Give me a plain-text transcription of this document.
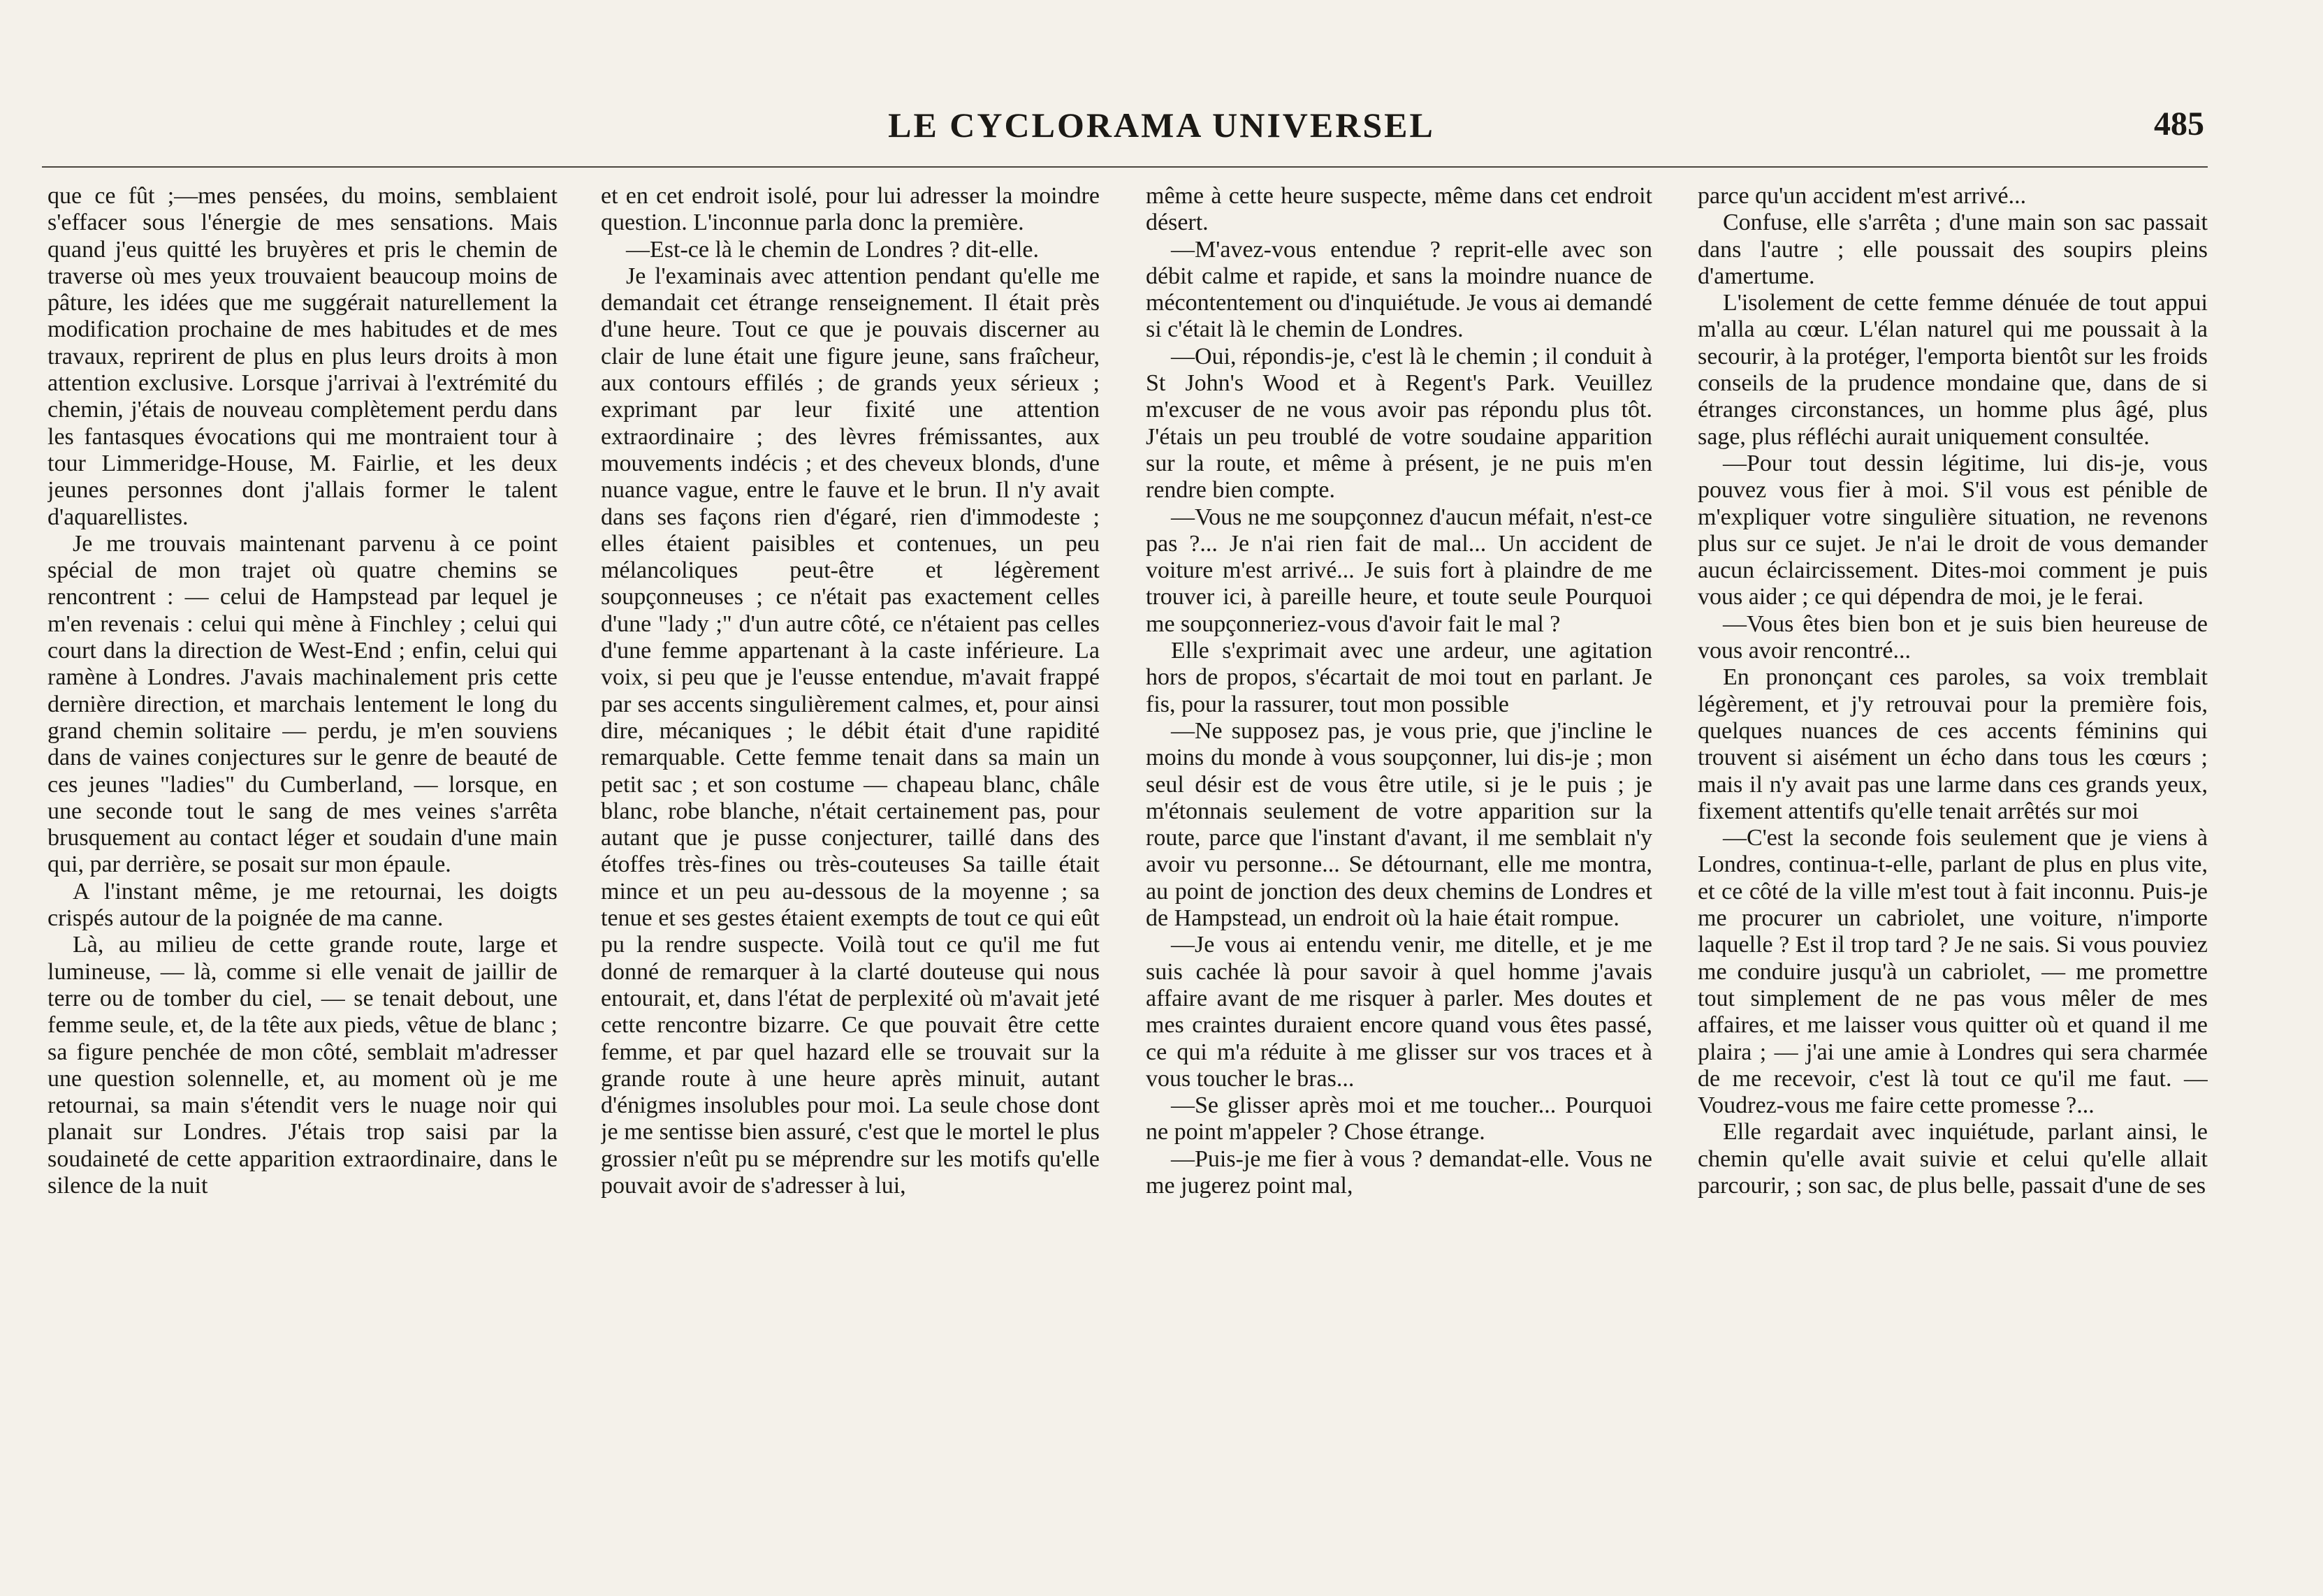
LE CYCLORAMA UNIVERSEL	485

que ce fût ;—mes pensées, du moins, semblaient s'effacer sous l'énergie de mes sensations. Mais quand j'eus quitté les bruyères et pris le chemin de traverse où mes yeux trouvaient beaucoup moins de pâture, les idées que me suggérait naturellement la modification prochaine de mes habitudes et de mes travaux, reprirent de plus en plus leurs droits à mon attention exclusive. Lorsque j'arrivai à l'extrémité du chemin, j'étais de nouveau complètement perdu dans les fantasques évocations qui me montraient tour à tour Limmeridge-House, M. Fairlie, et les deux jeunes personnes dont j'allais former le talent d'aquarellistes.

Je me trouvais maintenant parvenu à ce point spécial de mon trajet où quatre chemins se rencontrent : — celui de Hampstead par lequel je m'en revenais : celui qui mène à Finchley ; celui qui court dans la direction de West-End ; enfin, celui qui ramène à Londres. J'avais machinalement pris cette dernière direction, et marchais lentement le long du grand chemin solitaire — perdu, je m'en souviens dans de vaines conjectures sur le genre de beauté de ces jeunes "ladies" du Cumberland, — lorsque, en une seconde tout le sang de mes veines s'arrêta brusquement au contact léger et soudain d'une main qui, par derrière, se posait sur mon épaule.

A l'instant même, je me retournai, les doigts crispés autour de la poignée de ma canne.

Là, au milieu de cette grande route, large et lumineuse, — là, comme si elle venait de jaillir de terre ou de tomber du ciel, — se tenait debout, une femme seule, et, de la tête aux pieds, vêtue de blanc ; sa figure penchée de mon côté, semblait m'adresser une question solennelle, et, au moment où je me retournai, sa main s'étendit vers le nuage noir qui planait sur Londres. J'étais trop saisi par la soudaineté de cette apparition extraordinaire, dans le silence de la nuit

et en cet endroit isolé, pour lui adresser la moindre question. L'inconnue parla donc la première.

—Est-ce là le chemin de Londres ? dit-elle.

Je l'examinais avec attention pendant qu'elle me demandait cet étrange renseignement. Il était près d'une heure. Tout ce que je pouvais discerner au clair de lune était une figure jeune, sans fraîcheur, aux contours effilés ; de grands yeux sérieux ; exprimant par leur fixité une attention extraordinaire ; des lèvres frémissantes, aux mouvements indécis ; et des cheveux blonds, d'une nuance vague, entre le fauve et le brun. Il n'y avait dans ses façons rien d'égaré, rien d'immodeste ; elles étaient paisibles et contenues, un peu mélancoliques peut-être et légèrement soupçonneuses ; ce n'était pas exactement celles d'une "lady ;" d'un autre côté, ce n'étaient pas celles d'une femme appartenant à la caste inférieure. La voix, si peu que je l'eusse entendue, m'avait frappé par ses accents singulièrement calmes, et, pour ainsi dire, mécaniques ; le débit était d'une rapidité remarquable. Cette femme tenait dans sa main un petit sac ; et son costume — chapeau blanc, châle blanc, robe blanche, n'était certainement pas, pour autant que je pusse conjecturer, taillé dans des étoffes très-fines ou très-couteuses Sa taille était mince et un peu au-dessous de la moyenne ; sa tenue et ses gestes étaient exempts de tout ce qui eût pu la rendre suspecte. Voilà tout ce qu'il me fut donné de remarquer à la clarté douteuse qui nous entourait, et, dans l'état de perplexité où m'avait jeté cette rencontre bizarre. Ce que pouvait être cette femme, et par quel hazard elle se trouvait sur la grande route à une heure après minuit, autant d'énigmes insolubles pour moi. La seule chose dont je me sentisse bien assuré, c'est que le mortel le plus grossier n'eût pu se méprendre sur les motifs qu'elle pouvait avoir de s'adresser à lui,

même à cette heure suspecte, même dans cet endroit désert.

—M'avez-vous entendue ? reprit-elle avec son débit calme et rapide, et sans la moindre nuance de mécontentement ou d'inquiétude. Je vous ai demandé si c'était là le chemin de Londres.

—Oui, répondis-je, c'est là le chemin ; il conduit à St John's Wood et à Regent's Park. Veuillez m'excuser de ne vous avoir pas répondu plus tôt. J'étais un peu troublé de votre soudaine apparition sur la route, et même à présent, je ne puis m'en rendre bien compte.

—Vous ne me soupçonnez d'aucun méfait, n'est-ce pas ?... Je n'ai rien fait de mal... Un accident de voiture m'est arrivé... Je suis fort à plaindre de me trouver ici, à pareille heure, et toute seule Pourquoi me soupçonneriez-vous d'avoir fait le mal ?

Elle s'exprimait avec une ardeur, une agitation hors de propos, s'écartait de moi tout en parlant. Je fis, pour la rassurer, tout mon possible

—Ne supposez pas, je vous prie, que j'incline le moins du monde à vous soupçonner, lui dis-je ; mon seul désir est de vous être utile, si je le puis ; je m'étonnais seulement de votre apparition sur la route, parce que l'instant d'avant, il me semblait n'y avoir vu personne... Se détournant, elle me montra, au point de jonction des deux chemins de Londres et de Hampstead, un endroit où la haie était rompue.

—Je vous ai entendu venir, me ditelle, et je me suis cachée là pour savoir à quel homme j'avais affaire avant de me risquer à parler. Mes doutes et mes craintes duraient encore quand vous êtes passé, ce qui m'a réduite à me glisser sur vos traces et à vous toucher le bras...

—Se glisser après moi et me toucher... Pourquoi ne point m'appeler ? Chose étrange.

—Puis-je me fier à vous ? demandat-elle. Vous ne me jugerez point mal,

parce qu'un accident m'est arrivé...

Confuse, elle s'arrêta ; d'une main son sac passait dans l'autre ; elle poussait des soupirs pleins d'amertume.

L'isolement de cette femme dénuée de tout appui m'alla au cœur. L'élan naturel qui me poussait à la secourir, à la protéger, l'emporta bientôt sur les froids conseils de la prudence mondaine que, dans de si étranges circonstances, un homme plus âgé, plus sage, plus réfléchi aurait uniquement consultée.

—Pour tout dessin légitime, lui dis-je, vous pouvez vous fier à moi. S'il vous est pénible de m'expliquer votre singulière situation, ne revenons plus sur ce sujet. Je n'ai le droit de vous demander aucun éclaircissement. Dites-moi comment je puis vous aider ; ce qui dépendra de moi, je le ferai.

—Vous êtes bien bon et je suis bien heureuse de vous avoir rencontré...

En prononçant ces paroles, sa voix tremblait légèrement, et j'y retrouvai pour la première fois, quelques nuances de ces accents féminins qui trouvent si aisément un écho dans tous les cœurs ; mais il n'y avait pas une larme dans ces grands yeux, fixement attentifs qu'elle tenait arrêtés sur moi

—C'est la seconde fois seulement que je viens à Londres, continua-t-elle, parlant de plus en plus vite, et ce côté de la ville m'est tout à fait inconnu. Puis-je me procurer un cabriolet, une voiture, n'importe laquelle ? Est il trop tard ? Je ne sais. Si vous pouviez me conduire jusqu'à un cabriolet, — me promettre tout simplement de ne pas vous mêler de mes affaires, et me laisser vous quitter où et quand il me plaira ; — j'ai une amie à Londres qui sera charmée de me recevoir, c'est là tout ce qu'il me faut. — Voudrez-vous me faire cette promesse ?...

Elle regardait avec inquiétude, parlant ainsi, le chemin qu'elle avait suivie et celui qu'elle allait parcourir, ; son sac, de plus belle, passait d'une de ses
